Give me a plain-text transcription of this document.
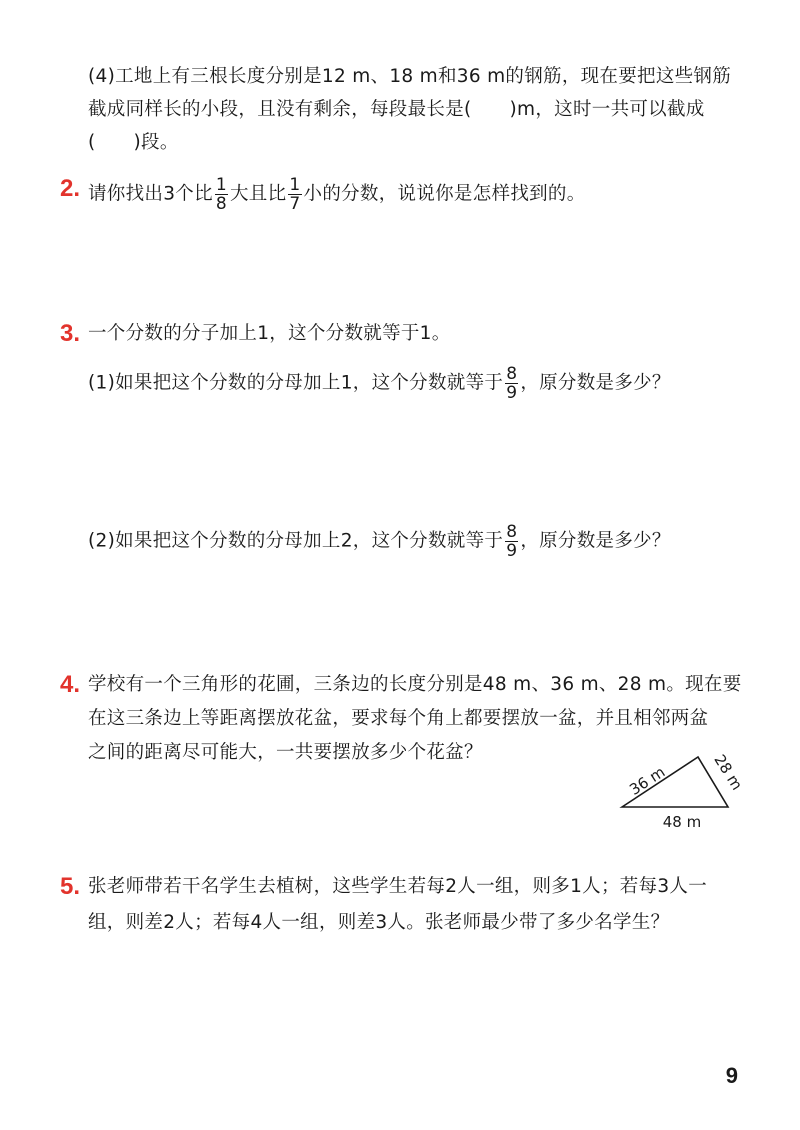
(4)工地上有三根长度分别是12 m、18 m和36 m的钢筋，现在要把这些钢筋
截成同样长的小段，且没有剩余，每段最长是( )m，这时一共可以截成
( )段。
2. 请你找出3个比 $\frac{1}{8}$ 大且比 $\frac{1}{7}$ 小的分数，说说你是怎样找到的。
3. 一个分数的分子加上1，这个分数就等于1。
(1)如果把这个分数的分母加上1，这个分数就等于 $\frac{8}{9}$ ，原分数是多少？
(2)如果把这个分数的分母加上2，这个分数就等于 $\frac{8}{9}$ ，原分数是多少？
4. 学校有一个三角形的花圃，三条边的长度分别是48 m、36 m、28 m。现在要
在这三条边上等距离摆放花盆，要求每个角上都要摆放一盆，并且相邻两盆
之间的距离尽可能大，一共要摆放多少个花盆？
36 m	28 m
48 m
5. 张老师带若干名学生去植树，这些学生若每2人一组，则多1人；若每3人一
组，则差2人；若每4人一组，则差3人。张老师最少带了多少名学生？
9
